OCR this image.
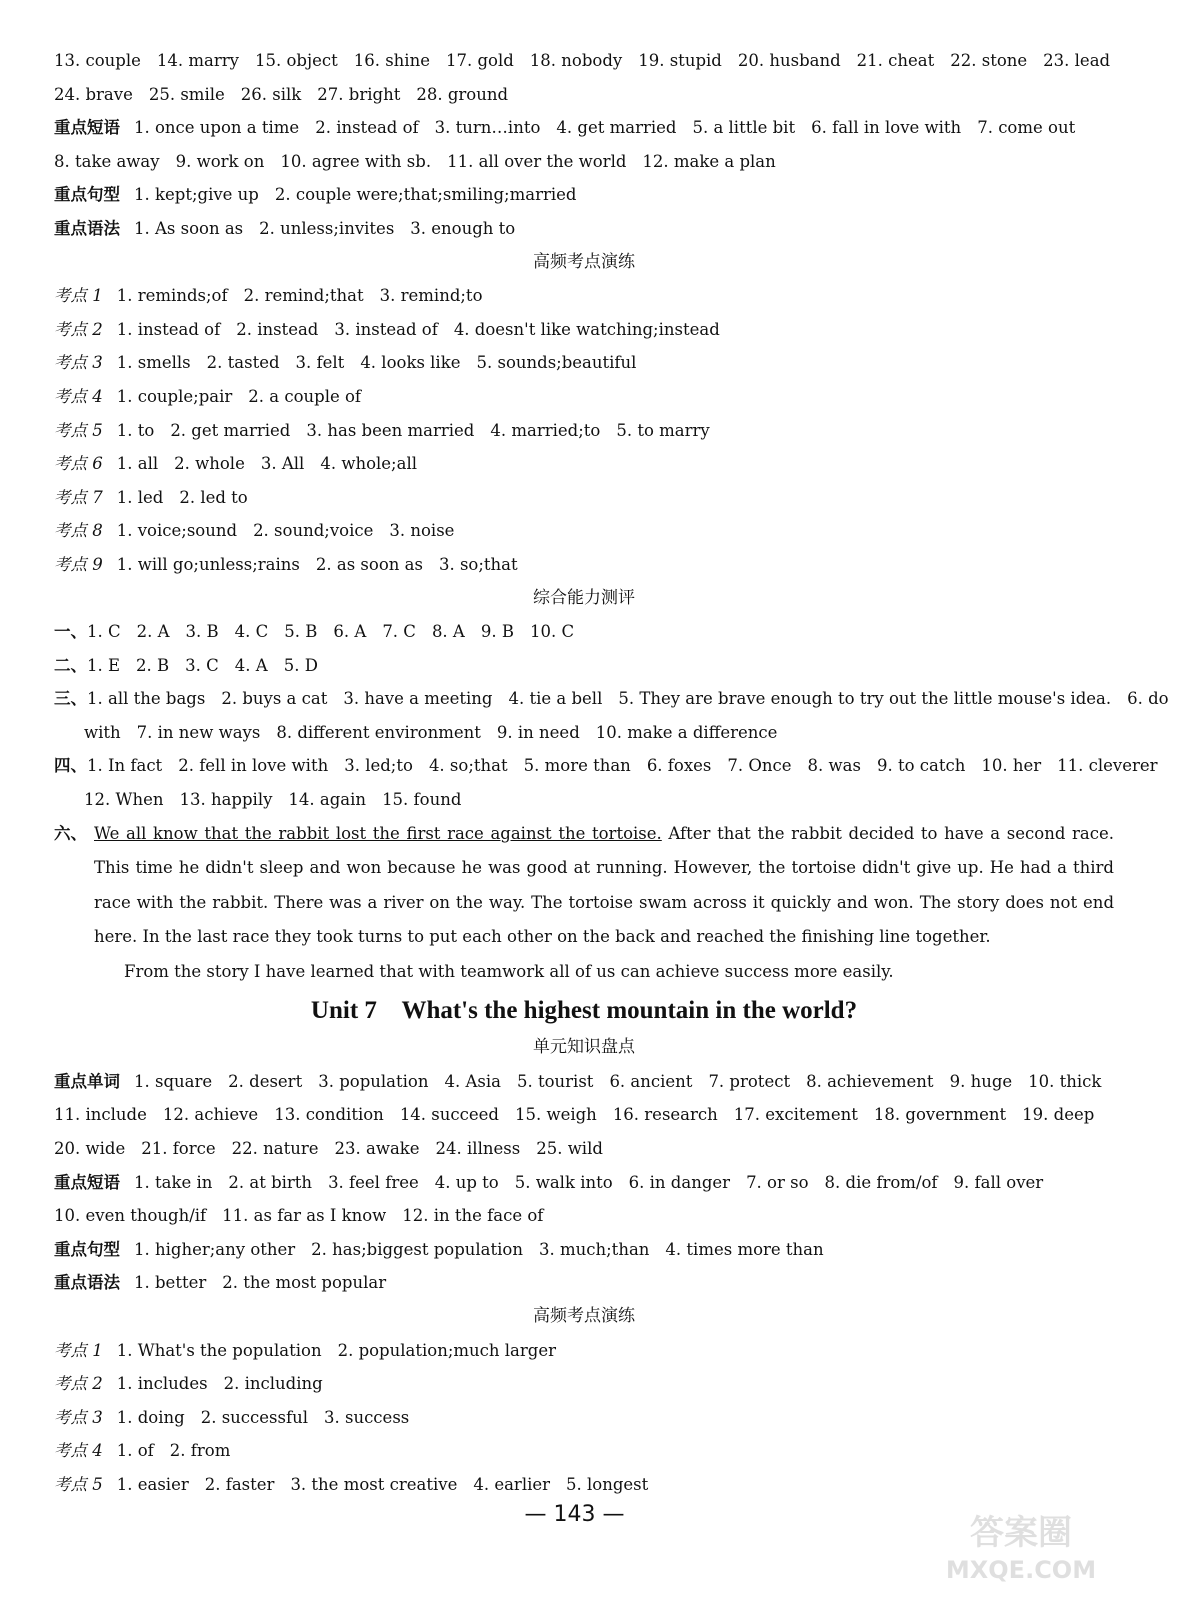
13. couple 14. marry 15. object 16. shine 17. gold 18. nobody 19. stupid 20. husband 21. cheat 22. stone 23. lead
24. brave 25. smile 26. silk 27. bright 28. ground
重点短语 1. once upon a time 2. instead of 3. turn…into 4. get married 5. a little bit 6. fall in love with 7. come out
8. take away 9. work on 10. agree with sb. 11. all over the world 12. make a plan
重点句型 1. kept;give up 2. couple were;that;smiling;married
重点语法 1. As soon as 2. unless;invites 3. enough to
高频考点演练
考点 1 1. reminds;of 2. remind;that 3. remind;to
考点 2 1. instead of 2. instead 3. instead of 4. doesn't like watching;instead
考点 3 1. smells 2. tasted 3. felt 4. looks like 5. sounds;beautiful
考点 4 1. couple;pair 2. a couple of
考点 5 1. to 2. get married 3. has been married 4. married;to 5. to marry
考点 6 1. all 2. whole 3. All 4. whole;all
考点 7 1. led 2. led to
考点 8 1. voice;sound 2. sound;voice 3. noise
考点 9 1. will go;unless;rains 2. as soon as 3. so;that
综合能力测评
一、1. C 2. A 3. B 4. C 5. B 6. A 7. C 8. A 9. B 10. C
二、1. E 2. B 3. C 4. A 5. D
三、1. all the bags 2. buys a cat 3. have a meeting 4. tie a bell 5. They are brave enough to try out the little mouse's idea. 6. do
with 7. in new ways 8. different environment 9. in need 10. make a difference
四、1. In fact 2. fell in love with 3. led;to 4. so;that 5. more than 6. foxes 7. Once 8. was 9. to catch 10. her 11. cleverer
12. When 13. happily 14. again 15. found
六、 We all know that the rabbit lost the first race against the tortoise. After that the rabbit decided to have a second race. This time he didn't sleep and won because he was good at running. However, the tortoise didn't give up. He had a third race with the rabbit. There was a river on the way. The tortoise swam across it quickly and won. The story does not end here. In the last race they took turns to put each other on the back and reached the finishing line together.
From the story I have learned that with teamwork all of us can achieve success more easily.
Unit 7    What's the highest mountain in the world?
单元知识盘点
重点单词 1. square 2. desert 3. population 4. Asia 5. tourist 6. ancient 7. protect 8. achievement 9. huge 10. thick
11. include 12. achieve 13. condition 14. succeed 15. weigh 16. research 17. excitement 18. government 19. deep
20. wide 21. force 22. nature 23. awake 24. illness 25. wild
重点短语 1. take in 2. at birth 3. feel free 4. up to 5. walk into 6. in danger 7. or so 8. die from/of 9. fall over
10. even though/if 11. as far as I know 12. in the face of
重点句型 1. higher;any other 2. has;biggest population 3. much;than 4. times more than
重点语法 1. better 2. the most popular
高频考点演练
考点 1 1. What's the population 2. population;much larger
考点 2 1. includes 2. including
考点 3 1. doing 2. successful 3. success
考点 4 1. of 2. from
考点 5 1. easier 2. faster 3. the most creative 4. earlier 5. longest
— 143 —	答案圈
MXQE.COM
